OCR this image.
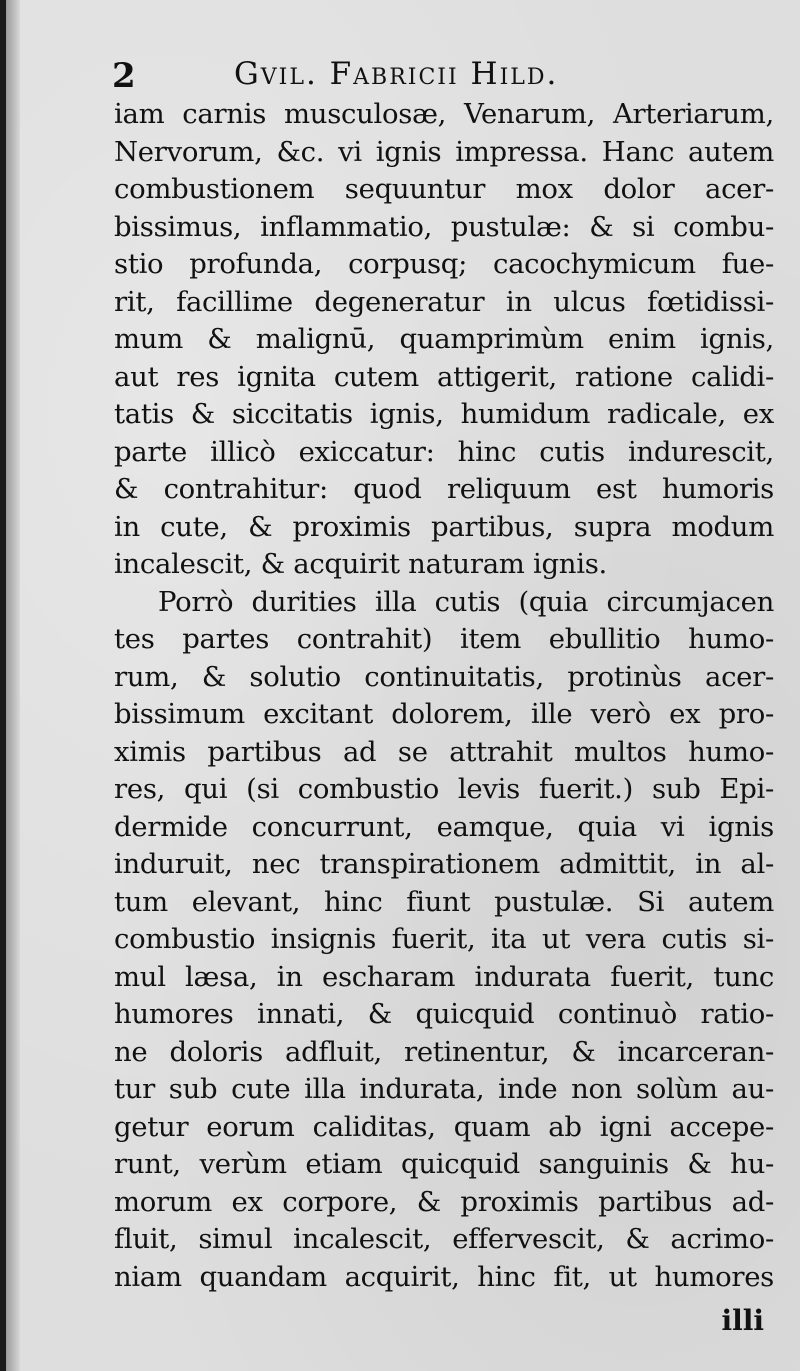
2	Gvil. Fabricii Hild.
iam carnis musculosæ, Venarum, Arteriarum,
Nervorum, &c. vi ignis impressa. Hanc autem
combustionem sequuntur mox dolor acer-
bissimus, inflammatio, pustulæ: & si combu-
stio profunda, corpusq; cacochymicum fue-
rit, facillime degeneratur in ulcus fœtidissi-
mum & malignū, quamprimùm enim ignis,
aut res ignita cutem attigerit, ratione calidi-
tatis & siccitatis ignis, humidum radicale, ex
parte illicò exiccatur: hinc cutis indurescit,
& contrahitur: quod reliquum est humoris
in cute, & proximis partibus, supra modum
incalescit, & acquirit naturam ignis.
Porrò durities illa cutis (quia circumjacen
tes partes contrahit) item ebullitio humo-
rum, & solutio continuitatis, protinùs acer-
bissimum excitant dolorem, ille verò ex pro-
ximis partibus ad se attrahit multos humo-
res, qui (si combustio levis fuerit.) sub Epi-
dermide concurrunt, eamque, quia vi ignis
induruit, nec transpirationem admittit, in al-
tum elevant, hinc fiunt pustulæ. Si autem
combustio insignis fuerit, ita ut vera cutis si-
mul læsa, in escharam indurata fuerit, tunc
humores innati, & quicquid continuò ratio-
ne doloris adfluit, retinentur, & incarceran-
tur sub cute illa indurata, inde non solùm au-
getur eorum caliditas, quam ab igni accepe-
runt, verùm etiam quicquid sanguinis & hu-
morum ex corpore, & proximis partibus ad-
fluit, simul incalescit, effervescit, & acrimo-
niam quandam acquirit, hinc fit, ut humores
illi
